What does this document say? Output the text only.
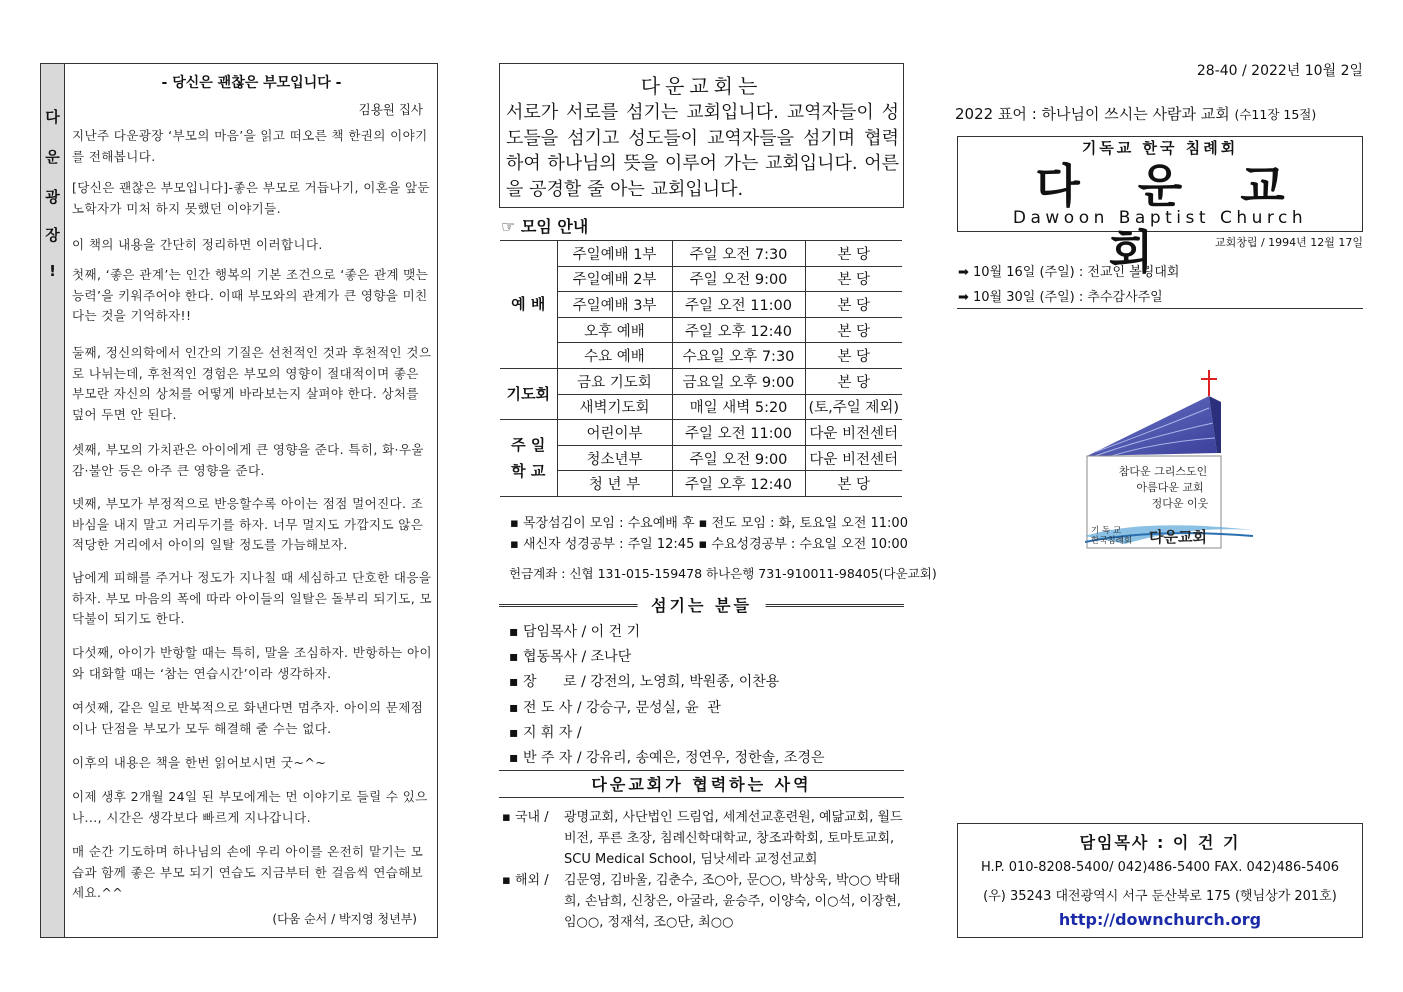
다
운
광
장
!
- 당신은 괜찮은 부모입니다 -
김용원 집사

지난주 다운광장 ‘부모의 마음’을 읽고 떠오른 책 한권의 이야기를 전해봅니다.

[당신은 괜찮은 부모입니다]-좋은 부모로 거듭나기, 이혼을 앞둔 노학자가 미처 하지 못했던 이야기들.

이 책의 내용을 간단히 정리하면 이러합니다.

첫째, ‘좋은 관계’는 인간 행복의 기본 조건으로 ‘좋은 관계 맺는 능력’을 키워주어야 한다. 이때 부모와의 관계가 큰 영향을 미친다는 것을 기억하자!!

둘째, 정신의학에서 인간의 기질은 선천적인 것과 후천적인 것으로 나뉘는데, 후천적인 경험은 부모의 영향이 절대적이며 좋은 부모란 자신의 상처를 어떻게 바라보는지 살펴야 한다. 상처를 덮어 두면 안 된다.

셋째, 부모의 가치관은 아이에게 큰 영향을 준다. 특히, 화·우울감·불안 등은 아주 큰 영향을 준다.

넷째, 부모가 부정적으로 반응할수록 아이는 점점 멀어진다. 조바심을 내지 말고 거리두기를 하자. 너무 멀지도 가깝지도 않은 적당한 거리에서 아이의 일탈 정도를 가늠해보자.

남에게 피해를 주거나 정도가 지나칠 때 세심하고 단호한 대응을 하자. 부모 마음의 폭에 따라 아이들의 일탈은 돌부리 되기도, 모닥불이 되기도 한다.

다섯째, 아이가 반항할 때는 특히, 말을 조심하자. 반항하는 아이와 대화할 때는 ‘참는 연습시간’이라 생각하자.

여섯째, 같은 일로 반복적으로 화낸다면 멈추자. 아이의 문제점이나 단점을 부모가 모두 해결해 줄 수는 없다.

이후의 내용은 책을 한번 읽어보시면 굿~^~

이제 생후 2개월 24일 된 부모에게는 먼 이야기로 들릴 수 있으나..., 시간은 생각보다 빠르게 지나갑니다.

매 순간 기도하며 하나님의 손에 우리 아이를 온전히 맡기는 모습과 함께 좋은 부모 되기 연습도 지금부터 한 걸음씩 연습해보세요.^^

(다움 순서 / 박지영 청년부)
다운교회는
서로가 서로를 섬기는 교회입니다. 교역자들이 성도들을 섬기고 성도들이 교역자들을 섬기며 협력하여 하나님의 뜻을 이루어 가는 교회입니다. 어른을 공경할 줄 아는 교회입니다.
☞ 모임 안내
예 배	주일예배 1부	주일 오전 7:30	본 당
	주일예배 2부	주일 오전 9:00	본 당
	주일예배 3부	주일 오전 11:00	본 당
	오후 예배	주일 오후 12:40	본 당
	수요 예배	수요일 오후 7:30	본 당
기도회	금요 기도회	금요일 오후 9:00	본 당
	새벽기도회	매일 새벽 5:20	(토,주일 제외)
주 일 학 교	어린이부	주일 오전 11:00	다운 비전센터
	청소년부	주일 오전 9:00	다운 비전센터
	청 년 부	주일 오후 12:40	본 당
▪ 목장섬김이 모임 : 수요예배 후 ▪ 전도 모임 : 화, 토요일 오전 11:00
▪ 새신자 성경공부 : 주일 12:45 ▪ 수요성경공부 : 수요일 오전 10:00
헌금계좌 : 신협 131-015-159478 하나은행 731-910011-98405(다운교회)
섬기는 분들
▪ 담임목사 / 이 건 기
▪ 협동목사 / 조나단
▪ 장      로 / 강전의, 노영희, 박원종, 이찬용
▪ 전 도 사 / 강승구, 문성실, 윤  관
▪ 지 휘 자 /
▪ 반 주 자 / 강유리, 송예은, 정연우, 정한솔, 조경은
다운교회가 협력하는 사역
▪ 국내 / 광명교회, 사단법인 드림업, 세계선교훈련원, 예닮교회, 월드비전, 푸른 초장, 침례신학대학교, 창조과학회, 토마토교회, SCU Medical School, 딤낫세라 교정선교회
▪ 해외 / 김문영, 김바울, 김춘수, 조○아, 문○○, 박상욱, 박○○ 박태희, 손남희, 신창은, 아굴라, 윤승주, 이양숙, 이○석, 이장현, 임○○, 정재석, 조○단, 최○○
28-40 / 2022년 10월 2일
2022 표어 : 하나님이 쓰시는 사람과 교회 (수11장 15절)
기독교 한국 침례회
다운교회
Dawoon Baptist Church
교회창립 / 1994년 12월 17일
➡ 10월 16일 (주일) : 전교인 볼링대회
➡ 10월 30일 (주일) : 추수감사주일
참다운 그리스도인
아름다운 교회
정다운 이웃
기 독 교
한국침례회 다운교회
담임목사 : 이 건 기
H.P. 010-8208-5400/ 042)486-5400 FAX. 042)486-5406
(우) 35243 대전광역시 서구 둔산북로 175 (햇님상가 201호)
http://downchurch.org
